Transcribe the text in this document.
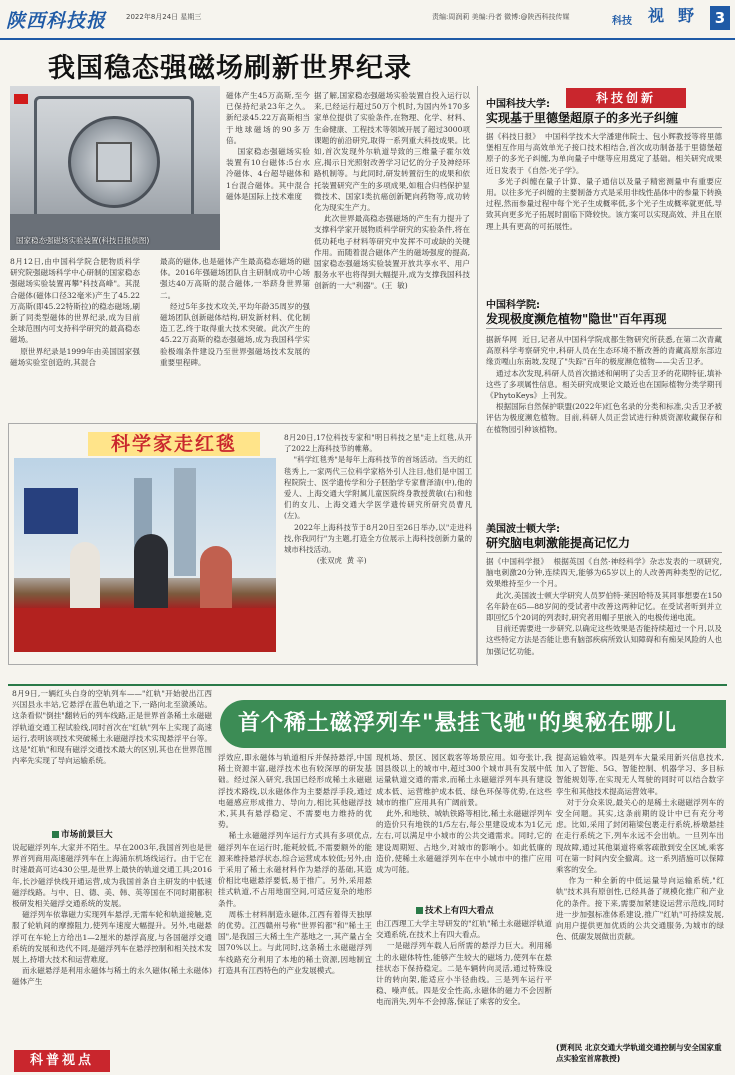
陕西科技报	2022年8月24日 星期三	责编:周润莉 美编:丹者 微博:@陕西科技传媒	科技 视野 3
我国稳态强磁场刷新世界纪录
国家稳态强磁场实验装置(科技日报供图)
磁体产生45万高斯,至今已保持纪录23年之久。新纪录45.22万高斯相当于地球磁场的90多万倍。
国家稳态强磁场实验装置有10台磁体:5台水冷磁体、4台超导磁体和1台混合磁体。其中混合磁体是国际上技术难度
8月12日,由中国科学院合肥物质科学研究院强磁场科学中心研制的国家稳态强磁场实验装置再攀"科技高峰"。其混合磁体(磁体口径32毫米)产生了45.22万高斯(即45.22特斯拉)的稳态磁场,刷新了同类型磁体的世界纪录,成为目前全球范围内可支持科学研究的最高稳态磁场。
原世界纪录是1999年由美国国家强磁场实验室创造的,其混合
最高的磁体,也是磁体产生最高稳态磁场的磁体。2016年强磁场团队自主研制成功中心场强达40万高斯的混合磁体,一举跻身世界第二。
经过5年多技术攻关,平均年龄35周岁的强磁场团队创新磁体结构,研发新材料、优化制造工艺,终于取得重大技术突破。此次产生的45.22万高斯的稳态强磁场,成为我国科学实验极端条件建设乃至世界强磁场技术发展的重要里程碑。
据了解,国家稳态强磁场实验装置自投入运行以来,已经运行超过50万个机时,为国内外170多家单位提供了实验条件,在物理、化学、材料、生命健康、工程技术等领域开展了超过3000项课题的前沿研究,取得一系列重大科技成果。比如,首次发现外尔轨道导致的三维量子霍尔效应,揭示日光照射改善学习记忆的分子及神经环路机制等。与此同时,研发转置衍生的成果和依托装置研究产生的多项成果,如粗合归档保护显微技术、国家Ⅰ类抗癌创新靶向药物等,成功转化为现实生产力。
此次世界最高稳态强磁场的产生有力提升了支撑科学家开展物质科学研究的实验条件,将在低功耗电子材料等研究中发挥不可或缺的关键作用。而随着混合磁体产生的磁场强度的提高,国家稳态强磁场实验装置开放共享水平、用户服务水平也将得到大幅提升,成为支撑我国科技创新的一大"利器"。(王  敏)
科技创新
中国科技大学:
实现基于里德堡超原子的多光子纠缠
据《科技日报》  中国科学技术大学潘建伟院士、包小辉教授等将里德堡相互作用与高效单光子接口技术相结合,首次成功制备基于里德堡超原子的多光子纠缠,为单向量子中继等应用奠定了基础。相关研究成果近日发表于《自然-光子学》。
多光子纠缠在量子计算、量子通信以及量子精密测量中有重要应用。以往多光子纠缠的主要制备方式是采用非线性晶体中的参量下转换过程,然而参量过程中每个光子生成概率低,多个光子生成概率就更低,导致其向更多光子拓展时面临下降较快。该方案可以实现高效、并且在原理上具有更高的可拓展性。
中国科学院:
发现极度濒危植物"隐世"百年再现
据新华网  近日,记者从中国科学院成都生物研究所获悉,在第二次青藏高原科学考察研究中,科研人员在生态环境不断改善的青藏高原东部边缘贡嘎山东南坡,发现了"失踪"百年的极度濒危植物——尖舌卫矛。
通过本次发现,科研人员首次描述和阐明了尖舌卫矛的花期特征,填补这些了多项属性信息。相关研究成果论文最近也在国际植物分类学期刊《PhytoKeys》上刊发。
根据国际自然保护联盟(2022年)红色名录的分类和标准,尖舌卫矛被评估为极度濒危植物。目前,科研人员正尝试进行种质资源收藏保存和在植物园引种该植物。
美国波士顿大学:
研究脑电刺激能提高记忆力
据《中国科学报》  根据英国《自然·神经科学》杂志发表的一项研究,脑电刺激20分钟,连续四天,能够为65岁以上的人改善两种类型的记忆,效果维持至少一个月。
此次,美国波士顿大学研究人员罗伯特·莱因哈特及其同事想要在150名年龄在65—88岁间的受试者中改善这两种记忆。在受试者听到并立即回忆5个20词的列表时,研究者用帽子里嵌入的电极传递电流。
目前还需要进一步研究,以确定这些效果是否能持续超过一个月,以及这些特定方法是否能让患有脑部疾病所致认知障碍和有痴呆风险的人也加强记忆功能。
科学家走红毯	8月20日,17位科技专家和"明日科技之星"走上红毯,从开了2022上海科技节的帷幕。
"科学红毯秀"是每年上海科技节的首场活动。当天的红毯秀上,一家两代三位科学家格外引人注目,他们是中国工程院院士、医学遗传学和分子胚胎学专家曹泽清(中),他的爱人、上海交通大学附属儿童医院终身教授黄敏(右)和他们的女儿、上海交通大学医学遗传研究所研究员曹凡(左)。
2022年上海科技节于8月20日至26日举办,以"走进科技,你我同行"为主题,打造全方位展示上海科技创新力量的城市科技活动。
(张双虎  黄 辛)
首个稀土磁浮列车"悬挂飞驰"的奥秘在哪儿
8月9日,一辆红头白身的空轨列车——"红轨"开始驶出江西兴国县永丰站,它悬浮在蓝色轨道之下,一路向北至潋溪站。这条看似"倒挂"翻转后的列车线路,正是世界首条稀土永磁磁浮轨道交通工程试验线,同时首次在"红轨"列车上实现了高速运行,表明该项技术突破稀土永磁磁浮技术实现悬浮平台等。这是"红轨"和现有磁浮交通技术最大的区别,其也在世界范围内率先实现了导向运输系统。
市场前景巨大
说起磁浮列车,大家并不陌生。早在2003年,我国首列也是世界首列商用高速磁浮列车在上海浦东机场线运行。由于它在时速最高可达430公里,是世界上最快的轨道交通工具;2016年,长沙磁浮快线开通运营,成为我国首条自主研发的中低速磁浮线路。与中、日、德、美、韩、英等国在不同时期都积极研发相关磁浮交通系统的发展。
磁浮列车依靠磁力实现列车悬浮,无需车轮和轨道接触,克服了轮轨间的摩擦阻力,使列车速度大幅提升。另外,电磁悬浮可在车轮上方给出1—2厘米的悬浮高度,与各国磁浮交通系统的发展和迭代不同,是磁浮列车在悬浮控制和相关技术发展上,持增大技术和运营难度。
而永磁悬浮是利用永磁体与稀土的永久磁体(稀土永磁体)磁体产生
浮效应,即永磁体与轨道相斥并保持悬浮,中国稀土资源丰富,磁浮技术也有较深厚的研发基础。经过深入研究,我国已经形成稀土永磁磁浮技术路线,以永磁体作为主要悬浮手段,通过电磁感应形成推力、导向力,相比其他磁浮技术,其具有悬浮稳定、不需要电力维持的优势。
稀土永磁磁浮列车运行方式具有多项优点,磁浮列车在运行时,能耗较低,不需要额外的能源来维持悬浮状态,综合运营成本较低;另外,由于采用了稀土永磁材料作为悬浮的基础,其造价相比电磁悬浮要低,易于推广。另外,采用悬挂式轨道,不占用地面空间,可适应复杂的地形条件。
周栋士材料制造永磁体,江西有着得天独厚的优势。江西赣州号称"世界钨都"和"稀土王国",是我国三大稀土生产基地之一,其产量占全国70%以上。与此同时,这条稀土永磁磁浮列车线路充分利用了本地的稀土资源,因地制宜打造具有江西特色的产业发展模式。
现机场、景区、园区载客等场景应用。如夸张计,我国县级以上的城市中,超过300个城市具有发展中低运量轨道交通的需求,而稀土永磁磁浮列车具有建设成本低、运营维护成本低、绿色环保等优势,在这些城市的推广应用具有广阔前景。
此外,和地铁、城轨铁路等相比,稀土永磁磁浮列车的造价只有地铁的1/5左右,每公里建设成本为1亿元左右,可以满足中小城市的公共交通需求。同时,它的建设周期短、占地少,对城市的影响小。如此低廉的造价,使稀土永磁磁浮列车在中小城市中的推广应用成为可能。
技术上有四大看点
由江西理工大学主导研发的"红轨"稀土永磁磁浮轨道交通系统,在技术上有四大看点。
一是磁浮列车载人后所需的悬浮力巨大。利用稀土的永磁体特性,能够产生较大的磁场力,使列车在悬挂状态下保持稳定。二是车辆转向灵活,通过特殊设计的转向架,能适应小半径曲线。三是列车运行平稳、噪声低。四是安全性高,永磁体的磁力不会因断电而消失,列车不会掉落,保证了乘客的安全。
提高运输效率。四是列车大量采用新兴信息技术,加入了智能、5G、智能控制、机器学习、多目标智能规划等,在实现无人驾驶的同时可以结合数字孪生和其他技术提高运营效率。
对于分众来说,最关心的是稀土永磁磁浮列车的安全问题。其实,这条前期的设计中已有充分考虑。比如,采用了封闭箱梁包裹走行系统,桥墩悬挂在走行系统之下,列车永远不会出轨。一旦列车出现故障,通过其他渠道将乘客疏散到安全区域,乘客可在第一时间内安全撤离。这一系列措施可以保障乘客的安全。
作为一种全新的中低运量导向运输系统,"红轨"技术具有原创性,已经具备了规模化推广和产业化的条件。接下来,需要加紧建设运营示范线,同时进一步加强标准体系建设,推广"红轨"可持续发展,向用户提供更加优质的公共交通服务,为城市的绿色、低碳发展做出贡献。
(贾利民 北京交通大学轨道交通控制与安全国家重点实验室首席教授)
科普视点
